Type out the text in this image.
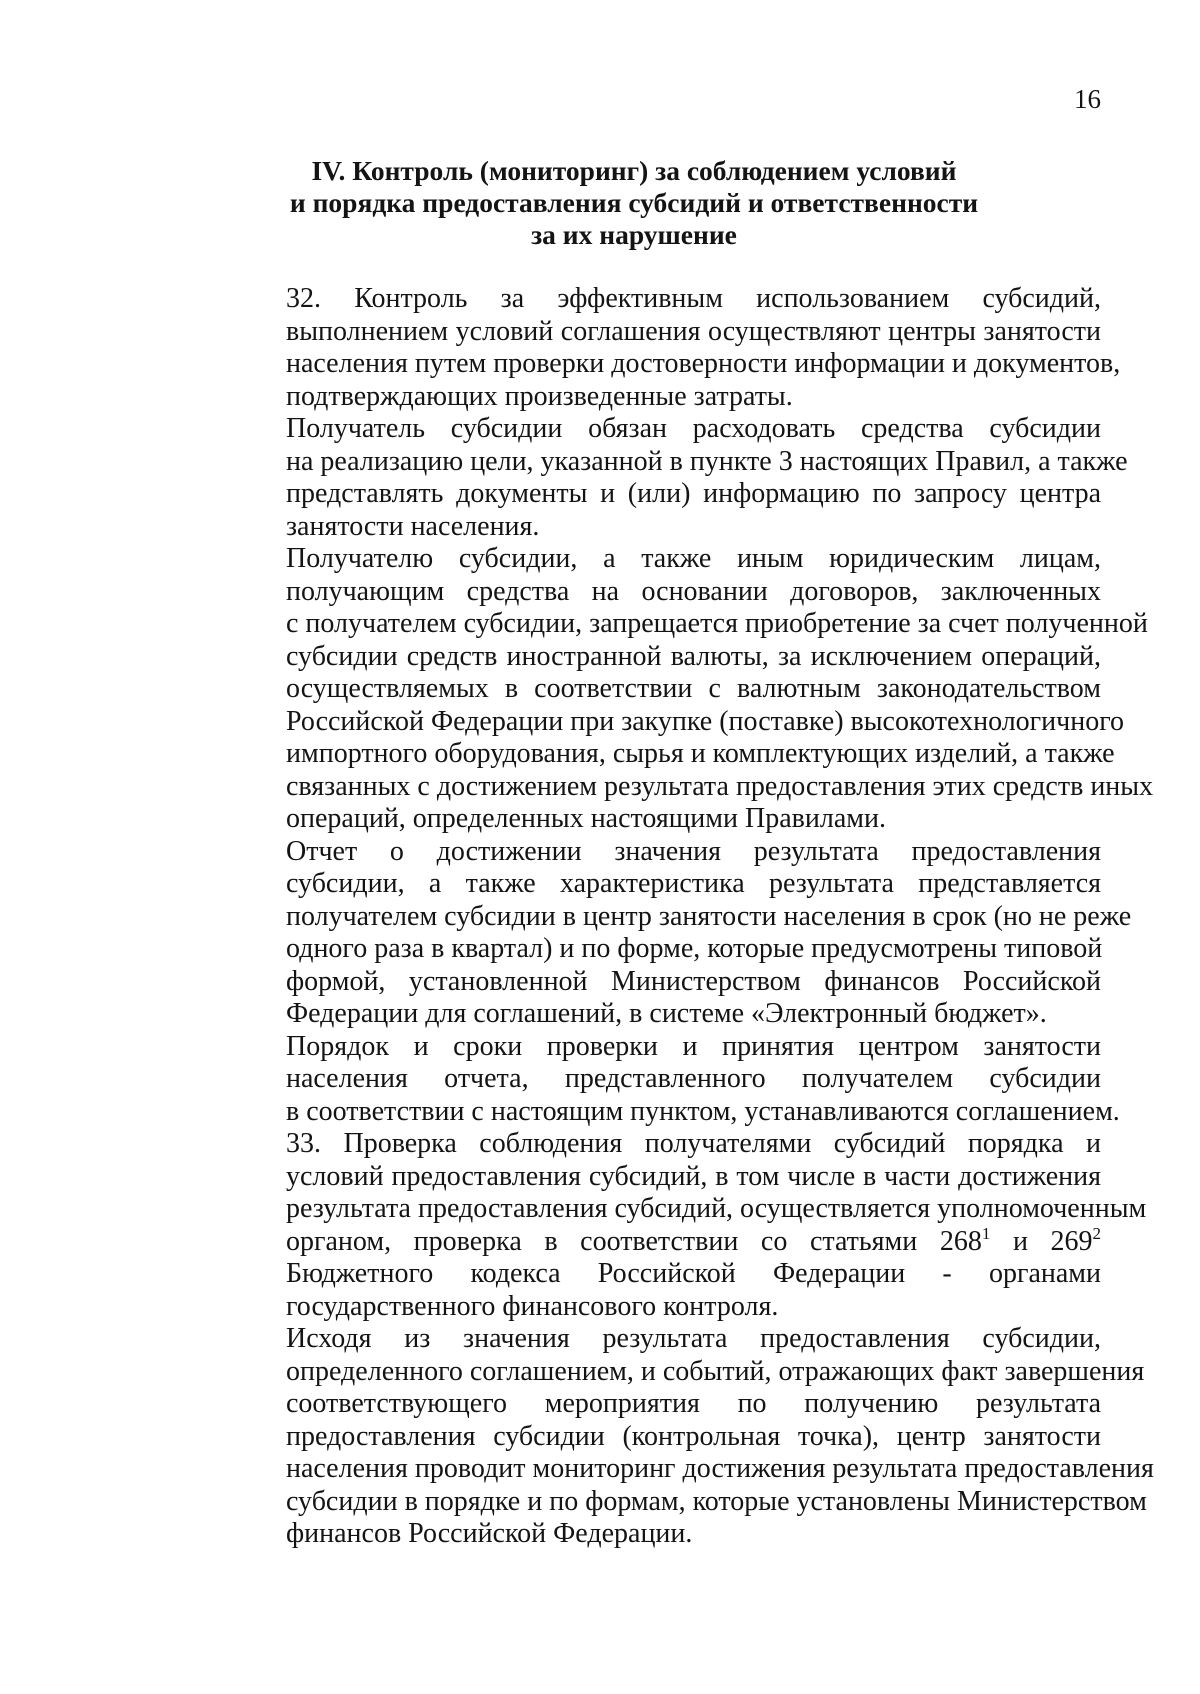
16
IV. Контроль (мониторинг) за соблюдением условий
и порядка предоставления субсидий и ответственности
за их нарушение

32. Контроль за эффективным использованием субсидий,
выполнением условий соглашения осуществляют центры занятости
населения путем проверки достоверности информации и документов,
подтверждающих произведенные затраты.

Получатель субсидии обязан расходовать средства субсидии
на реализацию цели, указанной в пункте 3 настоящих Правил, а также
представлять документы и (или) информацию по запросу центра
занятости населения.

Получателю субсидии, а также иным юридическим лицам,
получающим средства на основании договоров, заключенных
с получателем субсидии, запрещается приобретение за счет полученной
субсидии средств иностранной валюты, за исключением операций,
осуществляемых в соответствии с валютным законодательством
Российской Федерации при закупке (поставке) высокотехнологичного
импортного оборудования, сырья и комплектующих изделий, а также
связанных с достижением результата предоставления этих средств иных
операций, определенных настоящими Правилами.

Отчет о достижении значения результата предоставления
субсидии, а также характеристика результата представляется
получателем субсидии в центр занятости населения в срок (но не реже
одного раза в квартал) и по форме, которые предусмотрены типовой
формой, установленной Министерством финансов Российской
Федерации для соглашений, в системе «Электронный бюджет».

Порядок и сроки проверки и принятия центром занятости
населения отчета, представленного получателем субсидии
в соответствии с настоящим пунктом, устанавливаются соглашением.

33. Проверка соблюдения получателями субсидий порядка и
условий предоставления субсидий, в том числе в части достижения
результата предоставления субсидий, осуществляется уполномоченным
органом, проверка в соответствии со статьями $268^1$ и $269^2$
Бюджетного кодекса Российской Федерации - органами
государственного финансового контроля.

Исходя из значения результата предоставления субсидии,
определенного соглашением, и событий, отражающих факт завершения
соответствующего мероприятия по получению результата
предоставления субсидии (контрольная точка), центр занятости
населения проводит мониторинг достижения результата предоставления
субсидии в порядке и по формам, которые установлены Министерством
финансов Российской Федерации.
